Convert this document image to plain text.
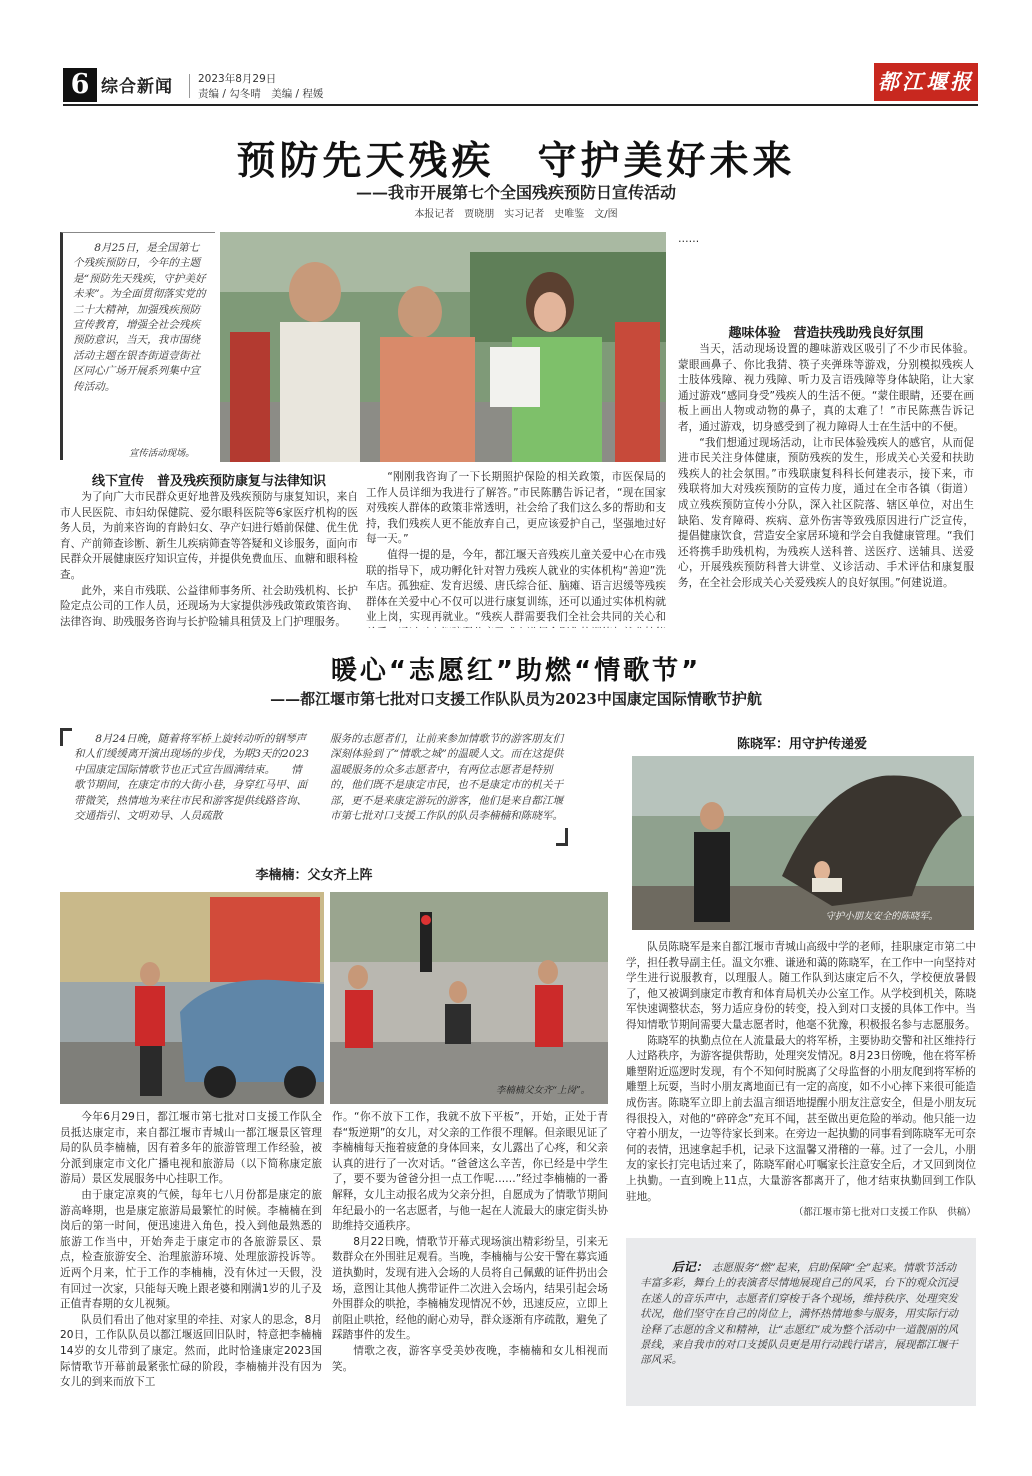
6 综合新闻 2023年8月29日
责编 / 勾冬晴　美编 / 程媛	都江堰报
预防先天残疾　守护美好未来
——我市开展第七个全国残疾预防日宣传活动
本报记者　贾晓朋　实习记者　史唯鉴　文/图

8月25日，是全国第七个残疾预防日，今年的主题是“预防先天残疾，守护美好未来”。为全面贯彻落实党的二十大精神，加强残疾预防宣传教育，增强全社会残疾预防意识，当天，我市围绕活动主题在银杏街道壹街社区同心广场开展系列集中宣传活动。

宣传活动现场。
线下宣传　普及残疾预防康复与法律知识

为了向广大市民群众更好地普及残疾预防与康复知识，来自市人民医院、市妇幼保健院、爱尔眼科医院等6家医疗机构的医务人员，为前来咨询的育龄妇女、孕产妇进行婚前保健、优生优育、产前筛查诊断、新生儿疾病筛查等答疑和义诊服务，面向市民群众开展健康医疗知识宣传，并提供免费血压、血糖和眼科检查。

此外，来自市残联、公益律师事务所、社会助残机构、长护险定点公司的工作人员，还现场为大家提供涉残政策政策咨询、法律咨询、助残服务咨询与长护险辅具租赁及上门护理服务。

“刚刚我咨询了一下长期照护保险的相关政策，市医保局的工作人员详细为我进行了解答。”市民陈鹏告诉记者，“现在国家对残疾人群体的政策非常透明，社会给了我们这么多的帮助和支持，我们残疾人更不能放弃自己，更应该爱护自己，坚强地过好每一天。”

值得一提的是，今年，都江堰天音残疾儿童关爱中心在市残联的指导下，成功孵化针对智力残疾人就业的实体机构“善迎”洗车店。孤独症、发育迟缓、唐氏综合征、脑瘫、语言迟缓等残疾群体在关爱中心不仅可以进行康复训练，还可以通过实体机构就业上岗，实现再就业。“残疾人群需要我们全社会共同的关心和

……

趣味体验　营造扶残助残良好氛围

当天，活动现场设置的趣味游戏区吸引了不少市民体验。蒙眼画鼻子、你比我猜、筷子夹弹珠等游戏，分别模拟残疾人士肢体残障、视力残障、听力及言语残障等身体缺陷，让大家通过游戏“感同身受”残疾人的生活不便。“蒙住眼睛，还要在画板上画出人物或动物的鼻子，真的太难了！”市民陈燕告诉记者，通过游戏，切身感受到了视力障碍人士在生活中的不便。

“我们想通过现场活动，让市民体验残疾人的感官，从而促进市民关注身体健康，预防残疾的发生，形成关心关爱和扶助残疾人的社会氛围。”市残联康复科科长何建表示，接下来，市残联将加大对残疾预防的宣传力度，通过在全市各镇（街道）成立残疾预防宣传小分队，深入社区院落、辖区单位，对出生缺陷、发育障碍、疾病、意外伤害等致残原因进行广泛宣传，提倡健康饮食，营造安全家居环境和学会自我健康管理。“我们还将携手助残机构，为残疾人送科普、送医疗、送辅具、送爱心，开展残疾预防科普大讲堂、义诊活动、手术评估和康复服务，在全社会形成关心关爱残疾人的良好氛围。”何建说道。

暖心“志愿红”助燃“情歌节”
——都江堰市第七批对口支援工作队队员为2023中国康定国际情歌节护航

8月24日晚，随着将军桥上旋转动听的钢琴声和人们缓缓离开演出现场的步伐，为期3天的2023中国康定国际情歌节也正式宣告圆满结束。　　情歌节期间，在康定市的大街小巷，身穿红马甲、面带微笑，热情地为来往市民和游客提供线路咨询、交通指引、文明劝导、人员疏散

服务的志愿者们，让前来参加情歌节的游客朋友们深刻体验到了“情歌之城”的温暖人文。而在这提供温暖服务的众多志愿者中，有两位志愿者是特别的，他们既不是康定市民，也不是康定市的机关干部，更不是来康定游玩的游客，他们是来自都江堰市第七批对口支援工作队的队员李楠楠和陈晓军。

李楠楠：父女齐上阵
李楠楠父女齐“上岗”。

今年6月29日，都江堰市第七批对口支援工作队全员抵达康定市，来自都江堰市青城山一都江堰景区管理局的队员李楠楠，因有着多年的旅游管理工作经验，被分派到康定市文化广播电视和旅游局（以下简称康定旅游局）景区发展服务中心挂职工作。

由于康定凉爽的气候，每年七八月份都是康定的旅游高峰期，也是康定旅游局最繁忙的时候。李楠楠在到岗后的第一时间，便迅速进入角色，投入到他最熟悉的旅游工作当中，开始奔走于康定市的各旅游景区、景点，检查旅游安全、治理旅游环境、处理旅游投诉等。近两个月来，忙于工作的李楠楠，没有休过一天假，没有回过一次家，只能每天晚上跟老婆和刚满1岁的儿子及正值青春期的女儿视频。

队员们看出了他对家里的牵挂、对家人的思念，8月20日，工作队队员以都江堰返回旧队时，特意把李楠楠14岁的女儿带到了康定。然而，此时恰逢康定2023国际情歌节开幕前最紧张忙碌的阶段，李楠楠并没有因为女儿的到来而放下工

作。“你不放下工作，我就不放下平板”，开始，正处于青春“叛逆期”的女儿，对父亲的工作很不理解。但亲眼见证了李楠楠每天拖着疲惫的身体回来，女儿露出了心疼，和父亲认真的进行了一次对话。“爸爸这么辛苦，你已经是中学生了，要不要为爸爸分担一点工作呢……”经过李楠楠的一番解释，女儿主动报名成为父亲分担，自愿成为了情歌节期间年纪最小的一名志愿者，与他一起在人流最大的康定街头协助维持交通秩序。

8月22日晚，情歌节开幕式现场演出精彩纷呈，引来无数群众在外围驻足观看。当晚，李楠楠与公安干警在募宾通道执勤时，发现有进入会场的人员将自己佩戴的证件扔出会场，意图让其他人携带证件二次进入会场内，结果引起会场外围群众的哄抢，李楠楠发现情况不妙，迅速反应，立即上前阻止哄抢，经他的耐心劝导，群众逐渐有序疏散，避免了踩踏事件的发生。

情歌之夜，游客享受美妙夜晚，李楠楠和女儿相视而笑。

陈晓军：用守护传递爱
守护小朋友安全的陈晓军。

队员陈晓军是来自都江堰市青城山高级中学的老师，挂职康定市第二中学，担任教导副主任。温文尔雅、谦逊和蔼的陈晓军，在工作中一向坚持对学生进行说服教育，以理服人。随工作队到达康定后不久，学校便放暑假了，他又被调到康定市教育和体育局机关办公室工作。从学校到机关，陈晓军快速调整状态，努力适应身份的转变，投入到对口支援的具体工作中。当得知情歌节期间需要大量志愿者时，他毫不犹豫，积极报名参与志愿服务。

陈晓军的执勤点位在人流量最大的将军桥，主要协助交警和社区维持行人过路秩序，为游客提供帮助，处理突发情况。8月23日傍晚，他在将军桥雕塑附近巡逻时发现，有个不知何时脱离了父母监督的小朋友爬到将军桥的雕塑上玩耍，当时小朋友离地面已有一定的高度，如不小心摔下来很可能造成伤害。陈晓军立即上前去温言细语地提醒小朋友注意安全，但是小朋友玩得很投入，对他的“碎碎念”充耳不闻，甚至做出更危险的举动。他只能一边守着小朋友，一边等待家长到来。在旁边一起执勤的同事看到陈晓军无可奈何的表情，迅速拿起手机，记录下这温馨又滑稽的一幕。过了一会儿，小朋友的家长打完电话过来了，陈晓军耐心叮嘱家长注意安全后，才又回到岗位上执勤。一直到晚上11点，大量游客都离开了，他才结束执勤回到工作队驻地。

（都江堰市第七批对口支援工作队　供稿）

后记： 志愿服务“燃”起来，启助保障“全”起来。情歌节活动丰富多彩，舞台上的表演者尽情地展现自己的风采，台下的观众沉浸在迷人的音乐声中，志愿者们穿梭于各个现场，维持秩序、处理突发状况，他们坚守在自己的岗位上，满怀热情地参与服务，用实际行动诠释了志愿的含义和精神，让“志愿红”成为整个活动中一道靓丽的风景线，来自我市的对口支援队员更是用行动践行诺言，展现都江堰干部风采。
